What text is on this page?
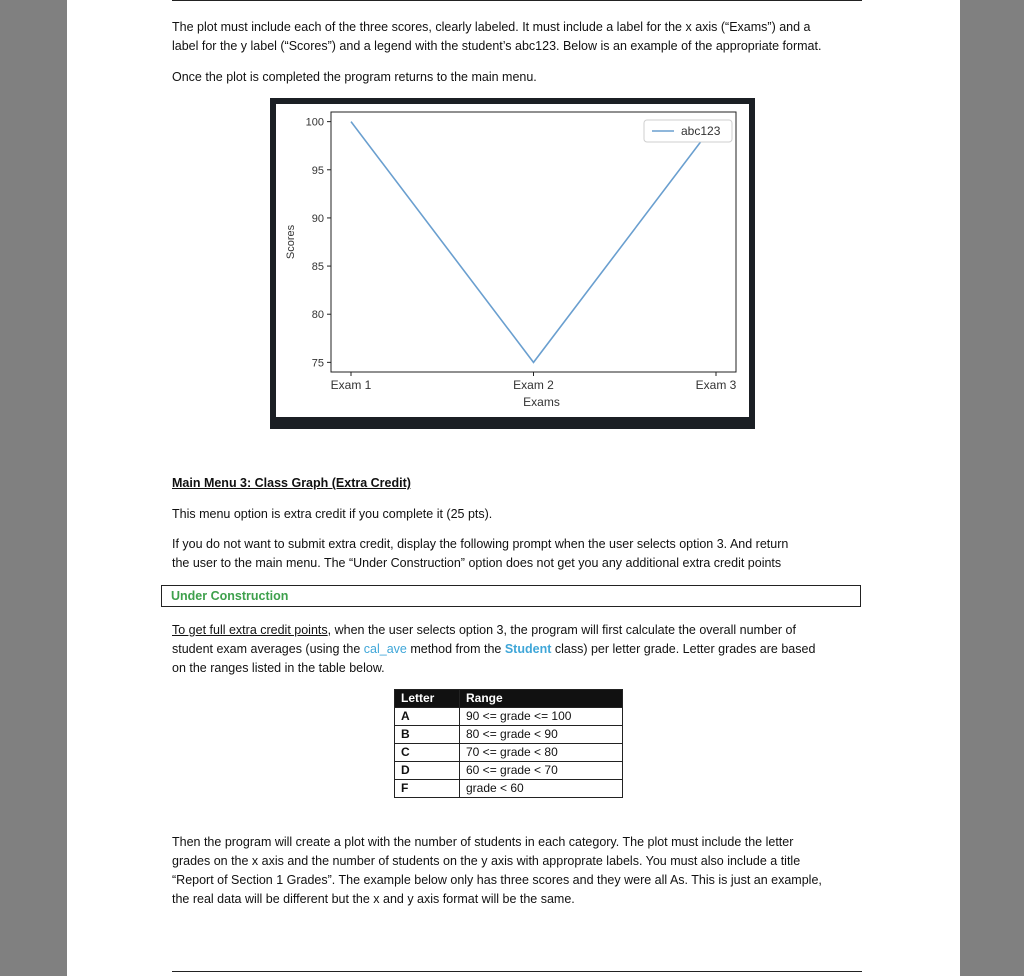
The plot must include each of the three scores, clearly labeled. It must include a label for the x axis (“Exams”) and a
label for the y label (“Scores”) and a legend with the student’s abc123. Below is an example of the appropriate format.
Once the plot is completed the program returns to the main menu.
75
80
85
90
95
100
Exam 1	Exam 2	Exam 3
Exams
Scores
abc123
Main Menu 3: Class Graph (Extra Credit)
This menu option is extra credit if you complete it (25 pts).
If you do not want to submit extra credit, display the following prompt when the user selects option 3. And return
the user to the main menu. The “Under Construction” option does not get you any additional extra credit points
Under Construction
To get full extra credit points, when the user selects option 3, the program will first calculate the overall number of
student exam averages (using the cal_ave method from the Student class) per letter grade. Letter grades are based
on the ranges listed in the table below.
Letter	Range
A	90 <= grade <= 100
B	80 <= grade < 90
C	70 <= grade < 80
D	60 <= grade < 70
F	grade < 60
Then the program will create a plot with the number of students in each category. The plot must include the letter
grades on the x axis and the number of students on the y axis with approprate labels. You must also include a title
“Report of Section 1 Grades”. The example below only has three scores and they were all As. This is just an example,
the real data will be different but the x and y axis format will be the same.
